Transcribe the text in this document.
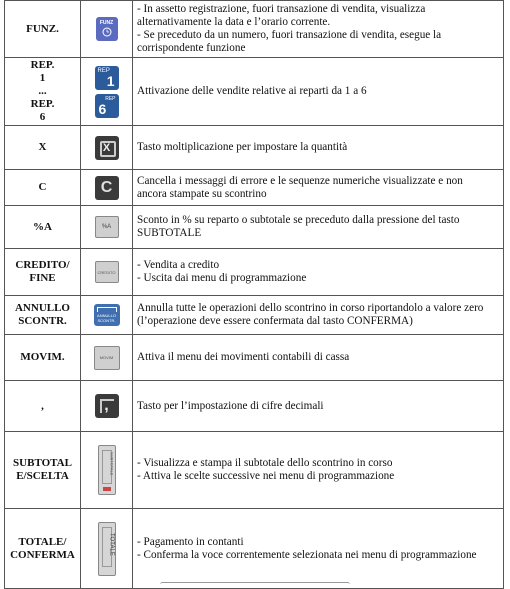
FUNZ.	FUNZ	- In assetto registrazione, fuori transazione di vendita, visualizza
alternativamente la data e l’orario corrente.
- Se preceduto da un numero, fuori transazione di vendita, esegue la
corrispondente funzione

REP.
1
...
REP.
6	REP
1
REP
6	Attivazione delle vendite relative ai reparti da 1 a 6

X	X	Tasto moltiplicazione per impostare la quantità

C	C	Cancella i messaggi di errore e le sequenze numeriche visualizzate e non
ancora stampate su scontrino

%A	%A	Sconto in % su reparto o subtotale se preceduto dalla pressione del tasto
SUBTOTALE

CREDITO/
FINE	CREDITO	- Vendita a credito
- Uscita dai menu di programmazione

ANNULLO
SCONTR.	ANNULLO
SCONTR.	Annulla tutte le operazioni dello scontrino in corso riportandolo a valore zero
(l’operazione deve essere confermata dal tasto CONFERMA)

MOVIM.	MOVIM	Attiva il menu dei movimenti contabili di cassa

,	,	Tasto per l’impostazione di cifre decimali

SUBTOTAL
E/SCELTA	SUBTOTALE	- Visualizza e stampa il subtotale dello scontrino in corso
- Attiva le scelte successive nei menu di programmazione

TOTALE/
CONFERMA	TOTALE	- Pagamento in contanti
- Conferma la voce correntemente selezionata nei menu di programmazione
